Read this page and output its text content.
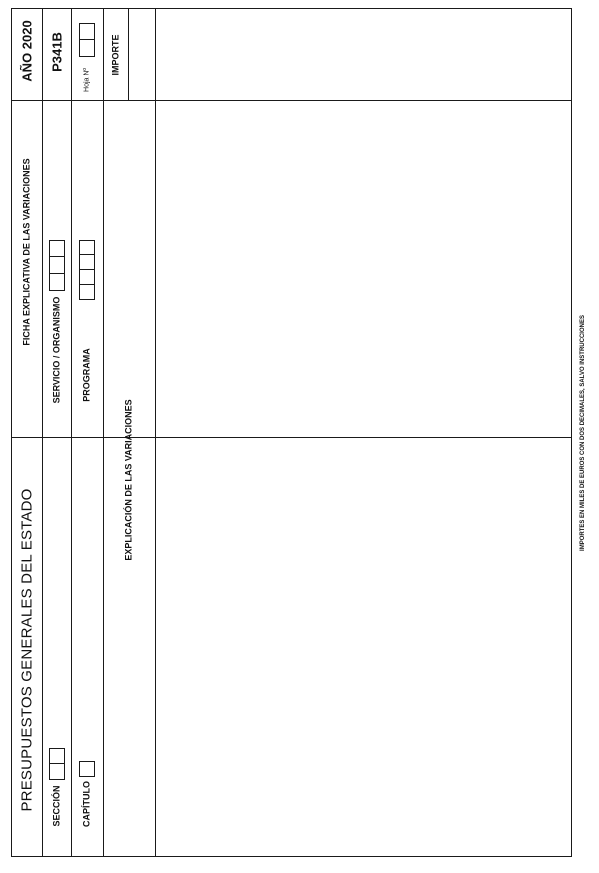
PRESUPUESTOS GENERALES DEL ESTADO
FICHA EXPLICATIVA DE LAS VARIACIONES
AÑO 2020
SECCIÓN
SERVICIO / ORGANISMO
P341B
CAPÍTULO
PROGRAMA
Hoja Nº
EXPLICACIÓN DE LAS VARIACIONES
IMPORTE
IMPORTES EN MILES DE EUROS CON DOS DECIMALES, SALVO INSTRUCCIONES
